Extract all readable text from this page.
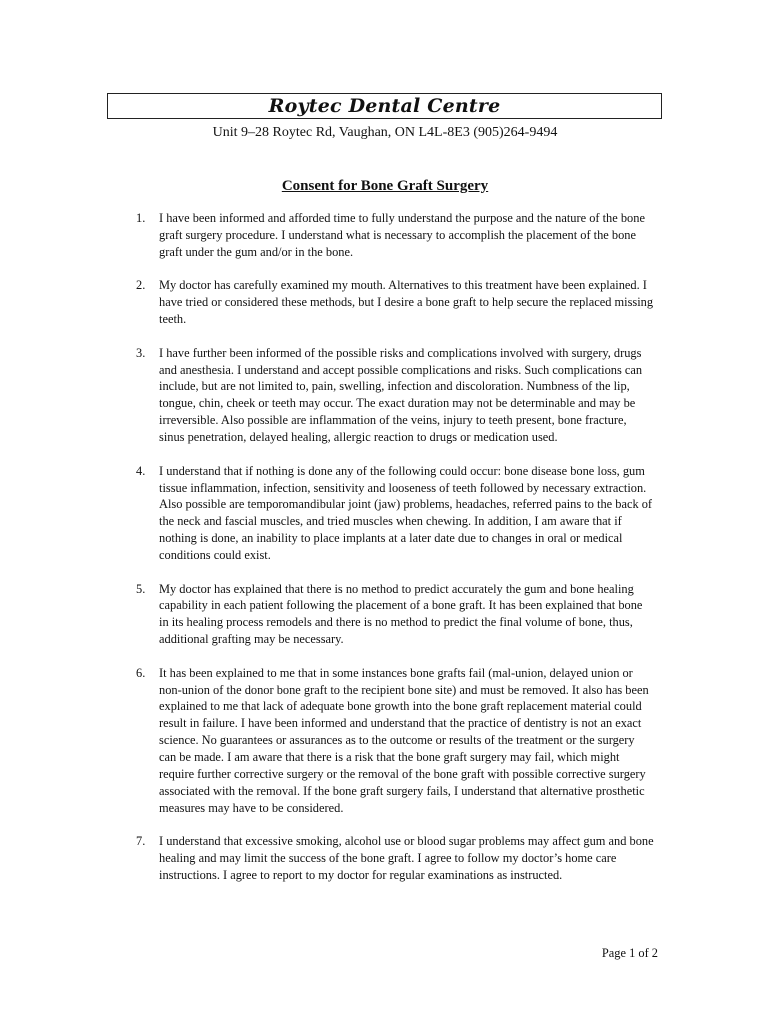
Roytec Dental Centre
Unit 9–28 Roytec Rd, Vaughan, ON L4L-8E3 (905)264-9494
Consent for Bone Graft Surgery
1. I have been informed and afforded time to fully understand the purpose and the nature of the bone graft surgery procedure. I understand what is necessary to accomplish the placement of the bone graft under the gum and/or in the bone.
2. My doctor has carefully examined my mouth. Alternatives to this treatment have been explained. I have tried or considered these methods, but I desire a bone graft to help secure the replaced missing teeth.
3. I have further been informed of the possible risks and complications involved with surgery, drugs and anesthesia. I understand and accept possible complications and risks. Such complications can include, but are not limited to, pain, swelling, infection and discoloration. Numbness of the lip, tongue, chin, cheek or teeth may occur. The exact duration may not be determinable and may be irreversible. Also possible are inflammation of the veins, injury to teeth present, bone fracture, sinus penetration, delayed healing, allergic reaction to drugs or medication used.
4. I understand that if nothing is done any of the following could occur: bone disease bone loss, gum tissue inflammation, infection, sensitivity and looseness of teeth followed by necessary extraction. Also possible are temporomandibular joint (jaw) problems, headaches, referred pains to the back of the neck and fascial muscles, and tried muscles when chewing. In addition, I am aware that if nothing is done, an inability to place implants at a later date due to changes in oral or medical conditions could exist.
5. My doctor has explained that there is no method to predict accurately the gum and bone healing capability in each patient following the placement of a bone graft. It has been explained that bone in its healing process remodels and there is no method to predict the final volume of bone, thus, additional grafting may be necessary.
6. It has been explained to me that in some instances bone grafts fail (mal-union, delayed union or non-union of the donor bone graft to the recipient bone site) and must be removed. It also has been explained to me that lack of adequate bone growth into the bone graft replacement material could result in failure. I have been informed and understand that the practice of dentistry is not an exact science. No guarantees or assurances as to the outcome or results of the treatment or the surgery can be made. I am aware that there is a risk that the bone graft surgery may fail, which might require further corrective surgery or the removal of the bone graft with possible corrective surgery associated with the removal. If the bone graft surgery fails, I understand that alternative prosthetic measures may have to be considered.
7. I understand that excessive smoking, alcohol use or blood sugar problems may affect gum and bone healing and may limit the success of the bone graft. I agree to follow my doctor’s home care instructions. I agree to report to my doctor for regular examinations as instructed.
Page 1 of 2
